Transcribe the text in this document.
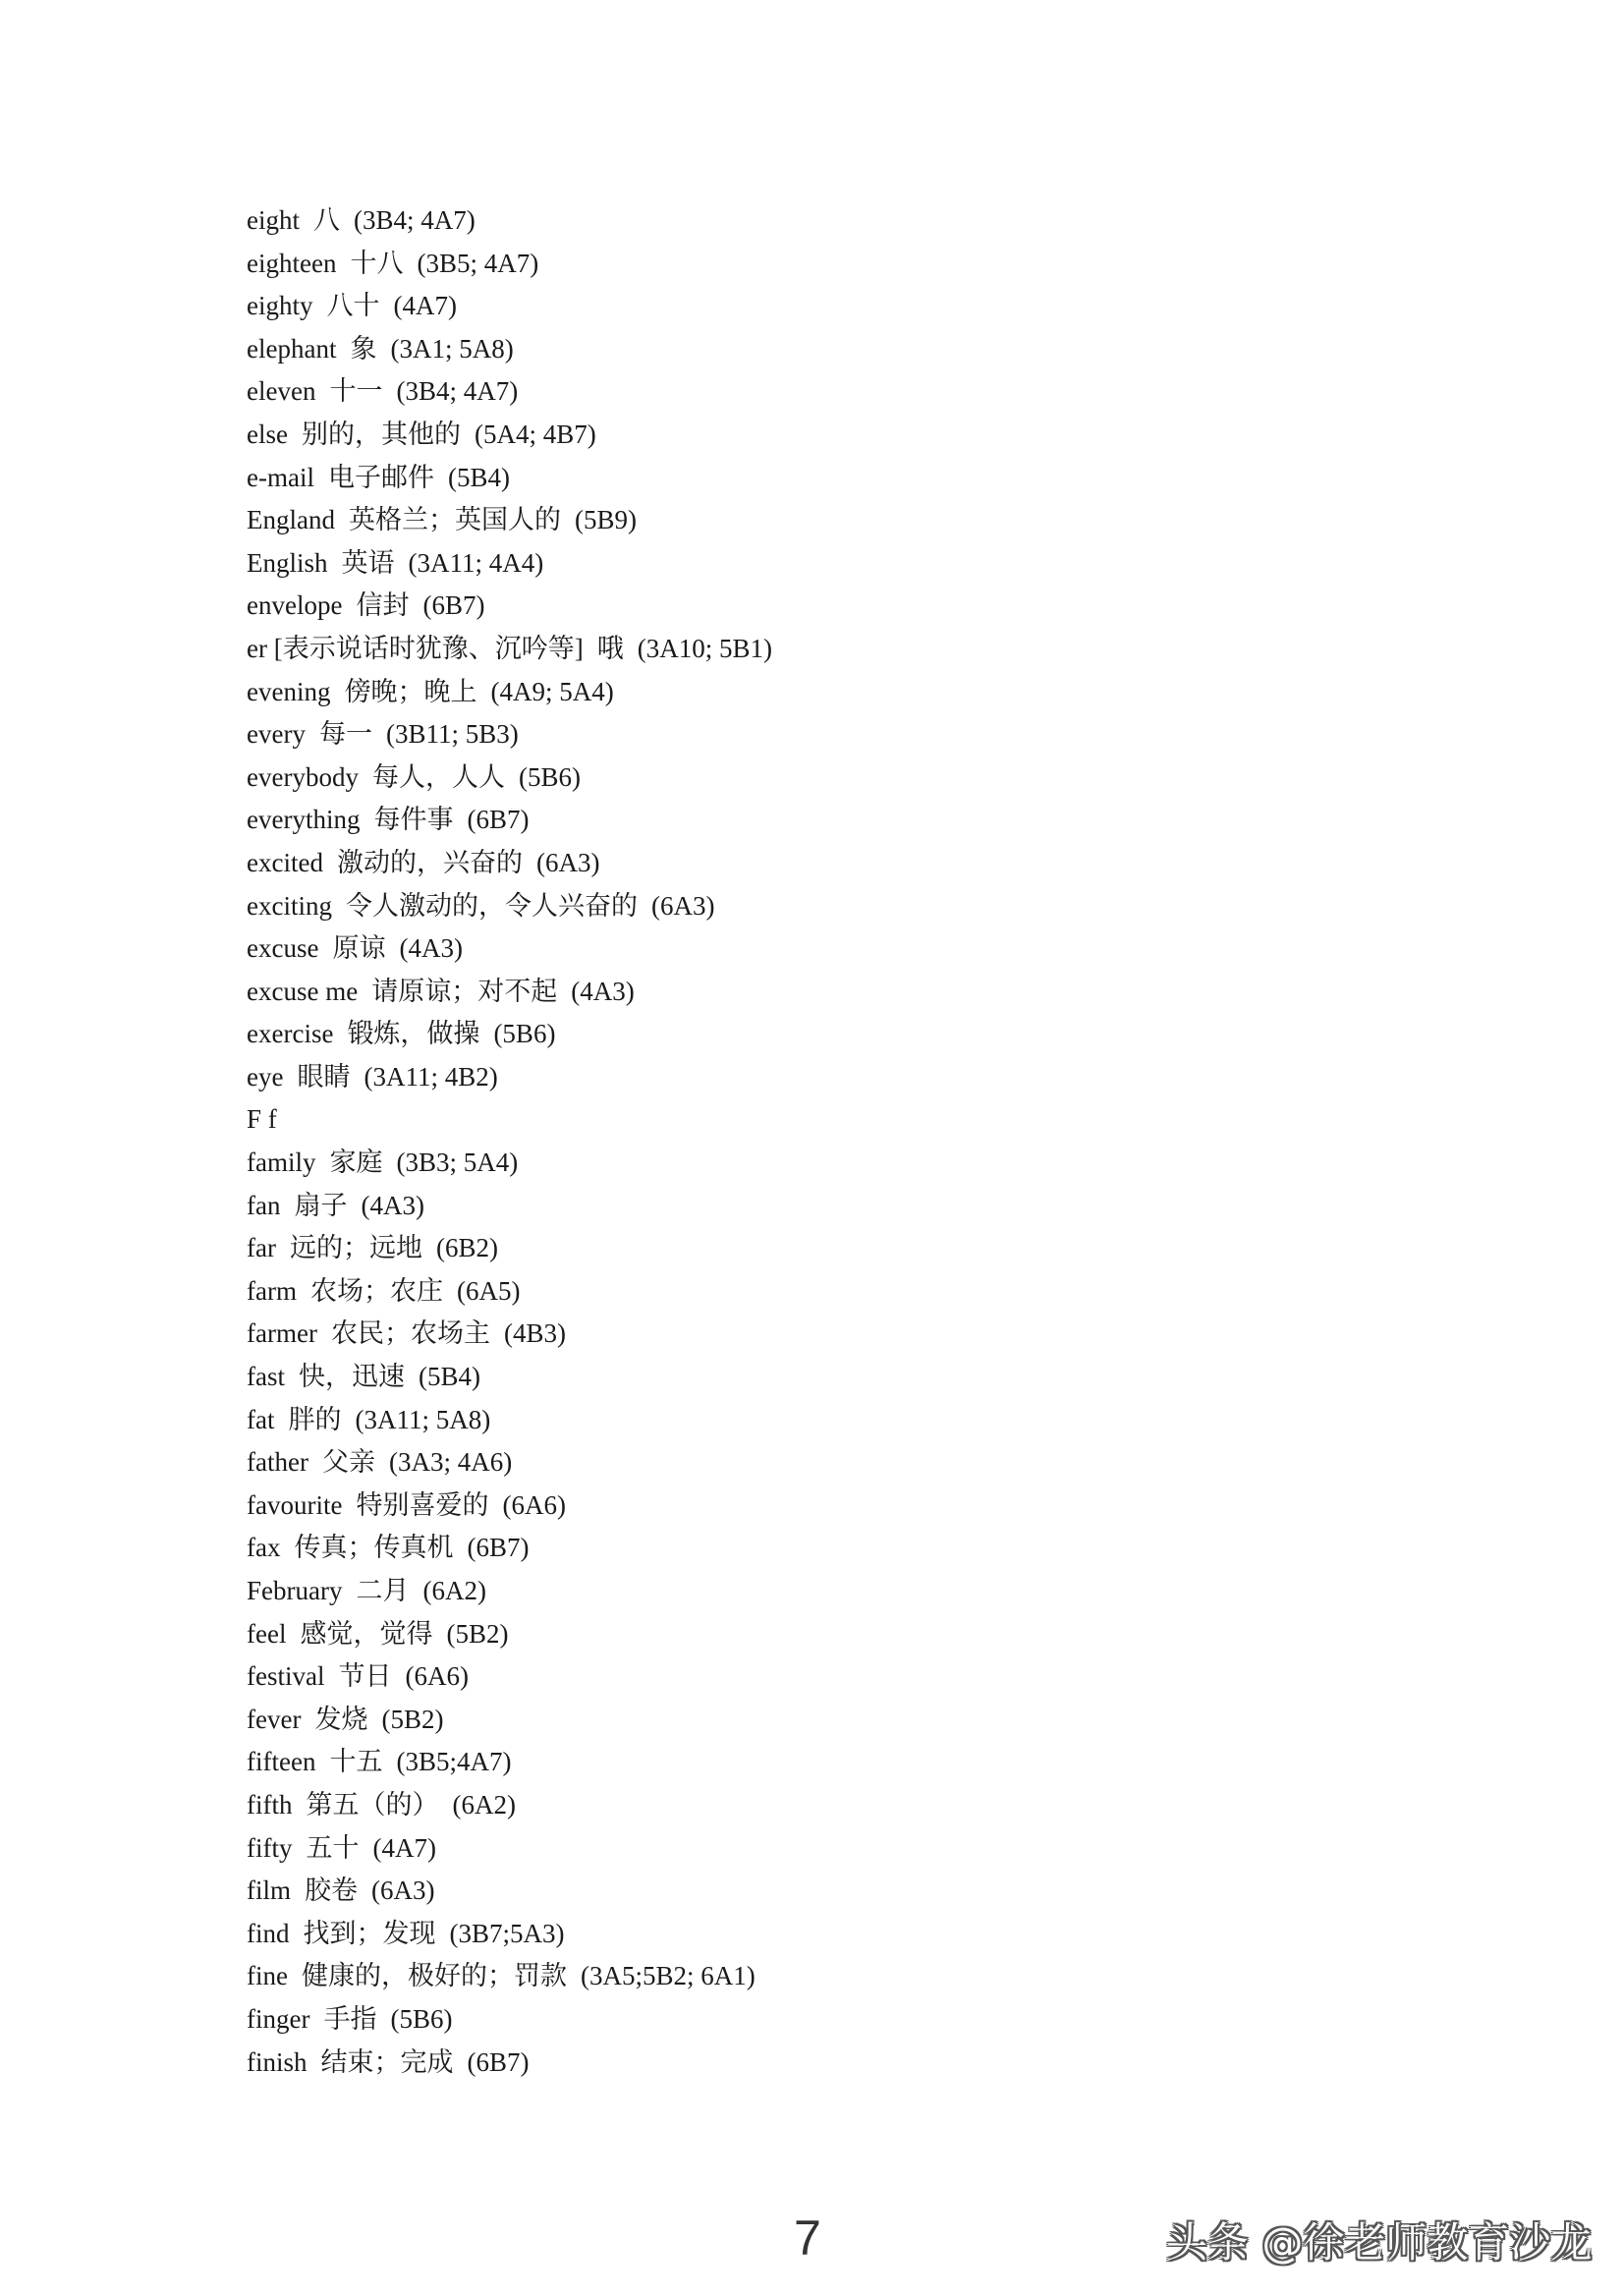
eight 八 (3B4; 4A7)
eighteen 十八 (3B5; 4A7)
eighty 八十 (4A7)
elephant 象 (3A1; 5A8)
eleven 十一 (3B4; 4A7)
else 别的，其他的 (5A4; 4B7)
e-mail 电子邮件 (5B4)
England 英格兰；英国人的 (5B9)
English 英语 (3A11; 4A4)
envelope 信封 (6B7)
er [表示说话时犹豫、沉吟等] 哦 (3A10; 5B1)
evening 傍晚；晚上 (4A9; 5A4)
every 每一 (3B11; 5B3)
everybody 每人，人人 (5B6)
everything 每件事 (6B7)
excited 激动的，兴奋的 (6A3)
exciting 令人激动的，令人兴奋的 (6A3)
excuse 原谅 (4A3)
excuse me 请原谅；对不起 (4A3)
exercise 锻炼，做操 (5B6)
eye 眼睛 (3A11; 4B2)
F f
family 家庭 (3B3; 5A4)
fan 扇子 (4A3)
far 远的；远地 (6B2)
farm 农场；农庄 (6A5)
farmer 农民；农场主 (4B3)
fast 快，迅速 (5B4)
fat 胖的 (3A11; 5A8)
father 父亲 (3A3; 4A6)
favourite 特别喜爱的 (6A6)
fax 传真；传真机 (6B7)
February 二月 (6A2)
feel 感觉，觉得 (5B2)
festival 节日 (6A6)
fever 发烧 (5B2)
fifteen 十五 (3B5;4A7)
fifth 第五（的） (6A2)
fifty 五十 (4A7)
film 胶卷 (6A3)
find 找到；发现 (3B7;5A3)
fine 健康的，极好的；罚款 (3A5;5B2; 6A1)
finger 手指 (5B6)
finish 结束；完成 (6B7)
7	头条 @徐老师教育沙龙
